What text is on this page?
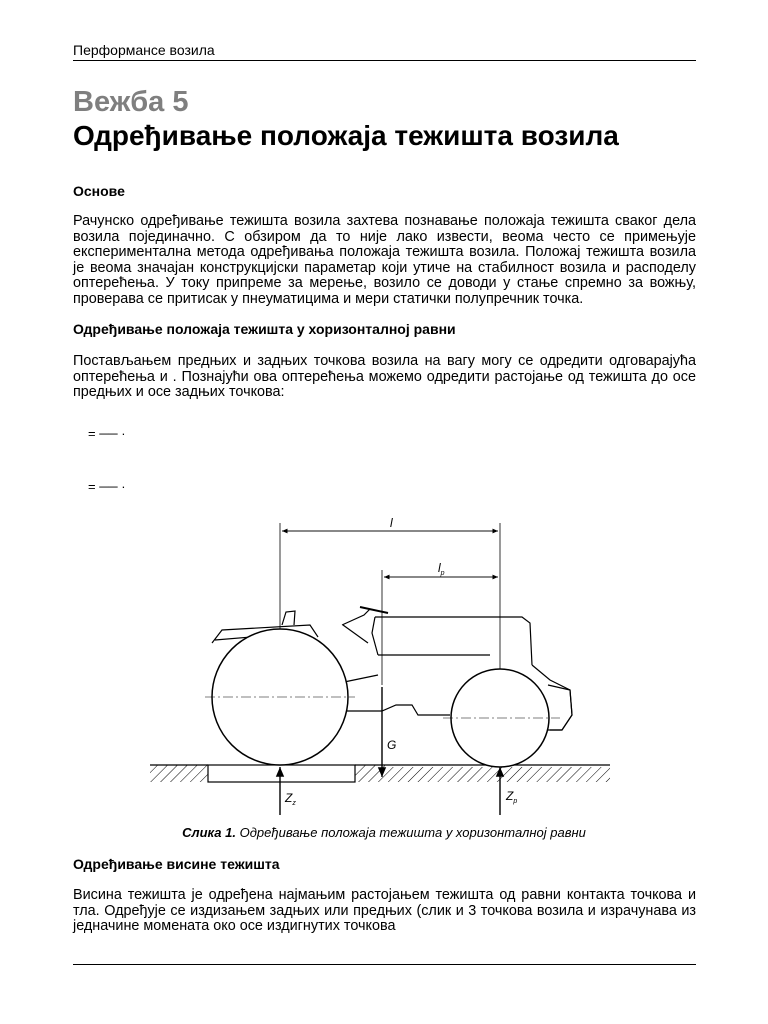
Перформансе возила
Вежба 5
Одређивање положаја тежишта возила
Основе
Рачунско одређивање тежишта возила захтева познавање положаја тежишта сваког дела возила појединачно. С обзиром да то није лако извести, веома често се примењује експериментална метода одређивања положаја тежишта возила. Положај тежишта возила је веома значајан конструкцијски параметар који утиче на стабилност возила и расподелу оптерећења. У току припреме за мерење, возило се доводи у стање спремно за вожњу, проверава се притисак у пнеуматицима и мери статички полупречник точка.
Одређивање положаја тежишта у хоризонталној равни
Постављањем предњих и задњих точкова возила на вагу могу се одредити одговарајућа оптерећења и . Познајући ова оптерећења можемо одредити растојање од тежишта до осе предњих и осе задњих точкова:
= ── ·
= ── ·
l
$l_p$
G
$Z_z$
$Z_p$
Слика 1. Одређивање положаја тежишта у хоризонталној равни
Одређивање висине тежишта
Висина тежишта је одређена најмањим растојањем тежишта од равни контакта точкова и тла. Одређује се издизањем задњих или предњих (слик и 3 точкова возила и израчунава из једначине момената око осе издигнутих точкова
